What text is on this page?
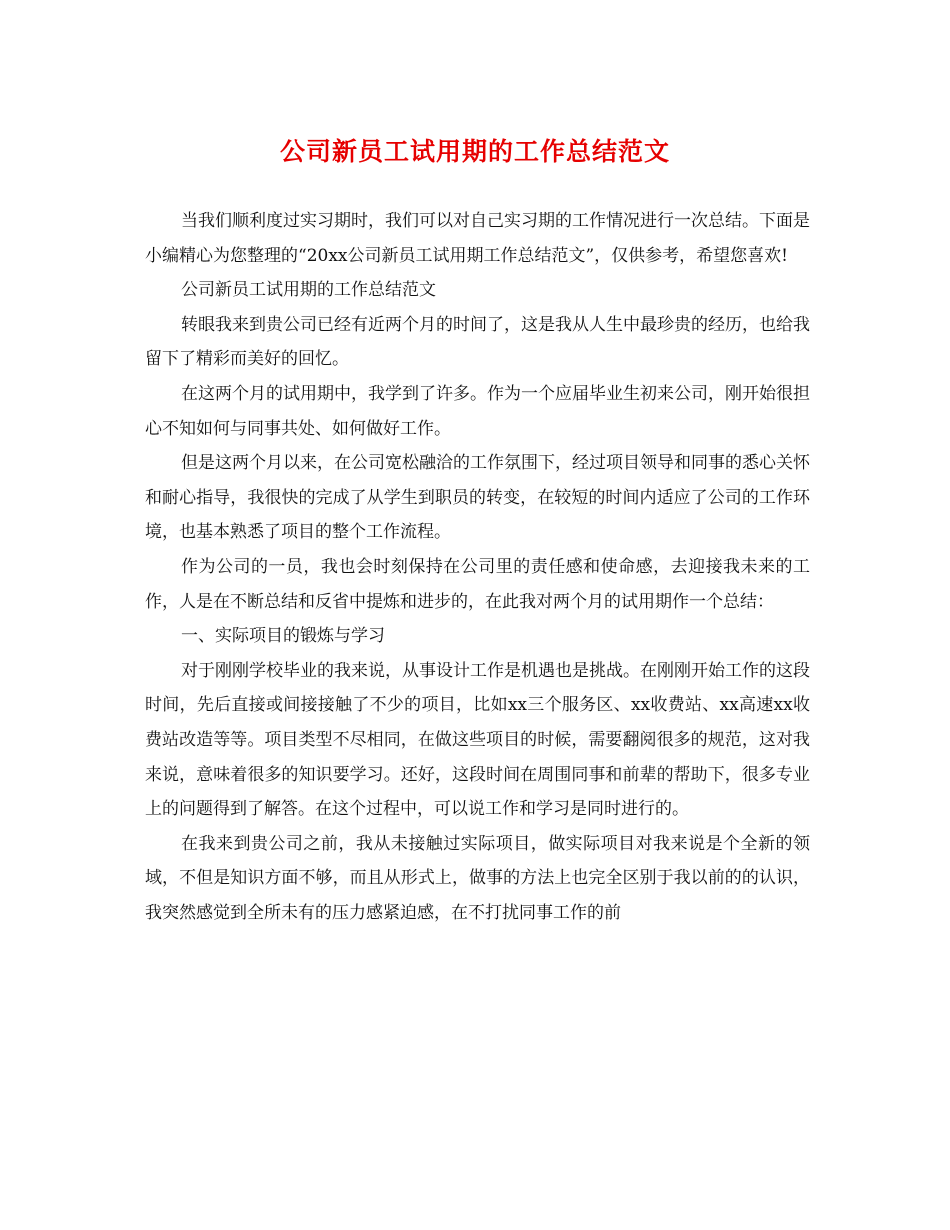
公司新员工试用期的工作总结范文

当我们顺利度过实习期时，我们可以对自己实习期的工作情况进行一次总结。下面是小编精心为您整理的“20xx公司新员工试用期工作总结范文”，仅供参考，希望您喜欢!

公司新员工试用期的工作总结范文

转眼我来到贵公司已经有近两个月的时间了，这是我从人生中最珍贵的经历，也给我留下了精彩而美好的回忆。

在这两个月的试用期中，我学到了许多。作为一个应届毕业生初来公司，刚开始很担心不知如何与同事共处、如何做好工作。

但是这两个月以来，在公司宽松融洽的工作氛围下，经过项目领导和同事的悉心关怀和耐心指导，我很快的完成了从学生到职员的转变，在较短的时间内适应了公司的工作环境，也基本熟悉了项目的整个工作流程。

作为公司的一员，我也会时刻保持在公司里的责任感和使命感，去迎接我未来的工作，人是在不断总结和反省中提炼和进步的，在此我对两个月的试用期作一个总结：

一、实际项目的锻炼与学习

对于刚刚学校毕业的我来说，从事设计工作是机遇也是挑战。在刚刚开始工作的这段时间，先后直接或间接接触了不少的项目，比如xx三个服务区、xx收费站、xx高速xx收费站改造等等。项目类型不尽相同，在做这些项目的时候，需要翻阅很多的规范，这对我来说，意味着很多的知识要学习。还好，这段时间在周围同事和前辈的帮助下，很多专业上的问题得到了解答。在这个过程中，可以说工作和学习是同时进行的。

在我来到贵公司之前，我从未接触过实际项目，做实际项目对我来说是个全新的领域，不但是知识方面不够，而且从形式上，做事的方法上也完全区别于我以前的的认识，我突然感觉到全所未有的压力感紧迫感，在不打扰同事工作的前
